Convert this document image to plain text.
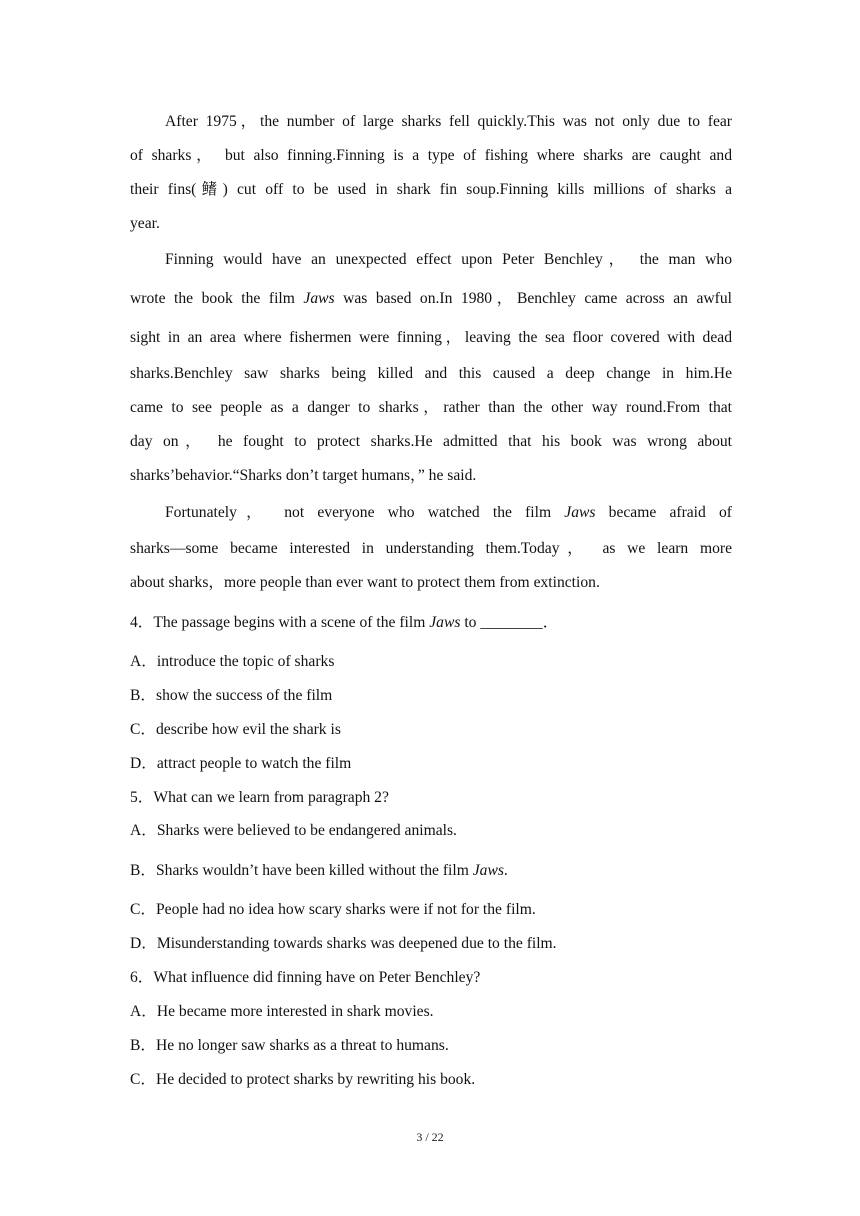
After 1975，the number of large sharks fell quickly.This was not only due to fear
of sharks， but also finning.Finning is a type of fishing where sharks are caught and
their fins(鳍) cut off to be used in shark fin soup.Finning kills millions of sharks a
year.
Finning would have an unexpected effect upon Peter Benchley， the man who
wrote the book the film Jaws was based on.In 1980，Benchley came across an awful
sight in an area where fishermen were finning，leaving the sea floor covered with dead
sharks.Benchley saw sharks being killed and this caused a deep change in him.He
came to see people as a danger to sharks，rather than the other way round.From that
day on， he fought to protect sharks.He admitted that his book was wrong about
sharks’behavior.“Sharks don’t target humans，” he said.
Fortunately， not everyone who watched the film Jaws became afraid of
sharks—some became interested in understanding them.Today， as we learn more
about sharks，more people than ever want to protect them from extinction.

4．The passage begins with a scene of the film Jaws to ________．

A．introduce the topic of sharks

B．show the success of the film

C．describe how evil the shark is

D．attract people to watch the film

5．What can we learn from paragraph 2?

A．Sharks were believed to be endangered animals.

B．Sharks wouldn’t have been killed without the film Jaws.

C．People had no idea how scary sharks were if not for the film.

D．Misunderstanding towards sharks was deepened due to the film.

6．What influence did finning have on Peter Benchley?

A．He became more interested in shark movies.

B．He no longer saw sharks as a threat to humans.

C．He decided to protect sharks by rewriting his book.

3 / 22
